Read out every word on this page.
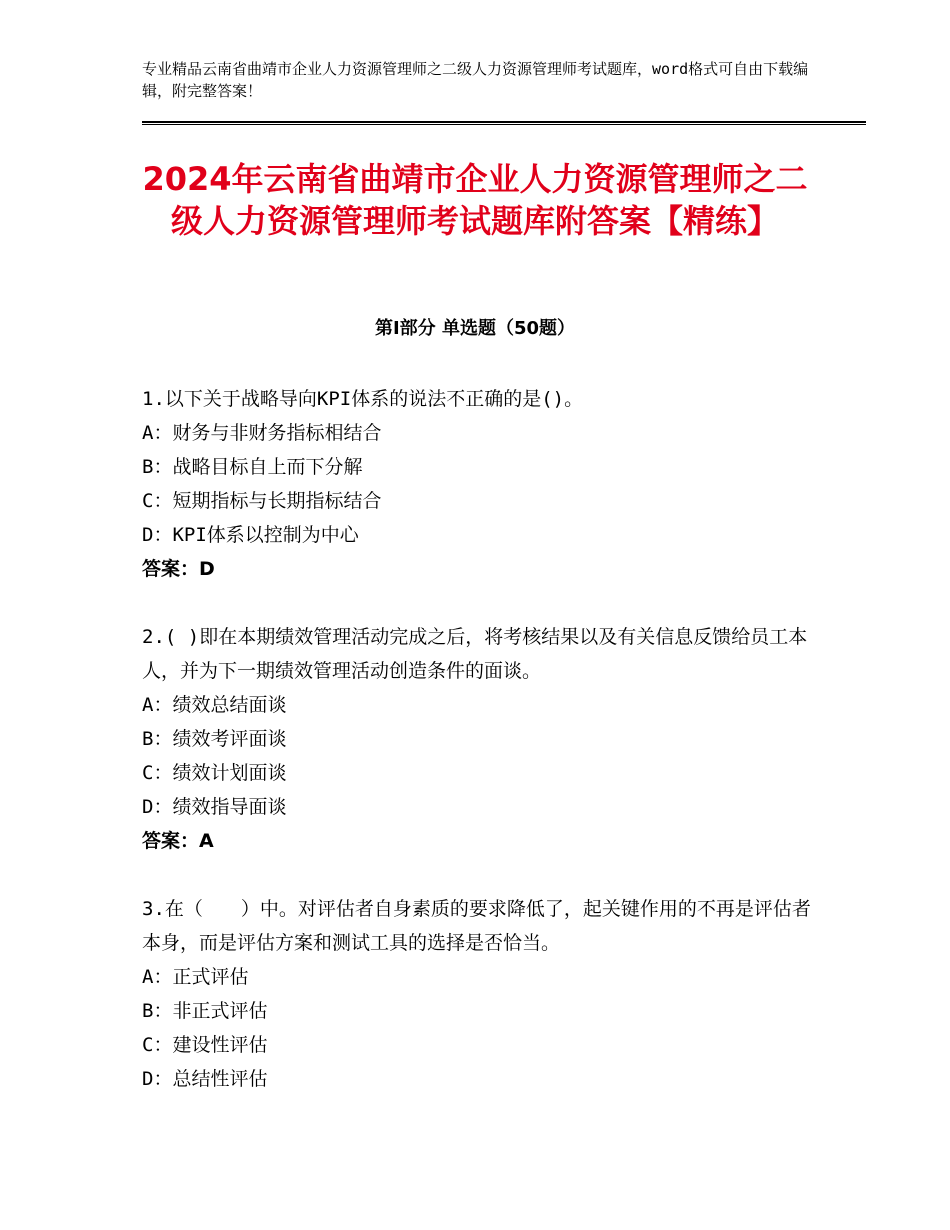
专业精品云南省曲靖市企业人力资源管理师之二级人力资源管理师考试题库，word格式可自由下载编辑，附完整答案！
2024年云南省曲靖市企业人力资源管理师之二级人力资源管理师考试题库附答案【精练】
第Ⅰ部分 单选题（50题）

1.以下关于战略导向KPI体系的说法不正确的是()。

A：财务与非财务指标相结合

B：战略目标自上而下分解

C：短期指标与长期指标结合

D：KPI体系以控制为中心

答案：D

2.( )即在本期绩效管理活动完成之后，将考核结果以及有关信息反馈给员工本人，并为下一期绩效管理活动创造条件的面谈。

A：绩效总结面谈

B：绩效考评面谈

C：绩效计划面谈

D：绩效指导面谈

答案：A

3.在（　　）中。对评估者自身素质的要求降低了，起关键作用的不再是评估者本身，而是评估方案和测试工具的选择是否恰当。

A：正式评估

B：非正式评估

C：建设性评估

D：总结性评估
